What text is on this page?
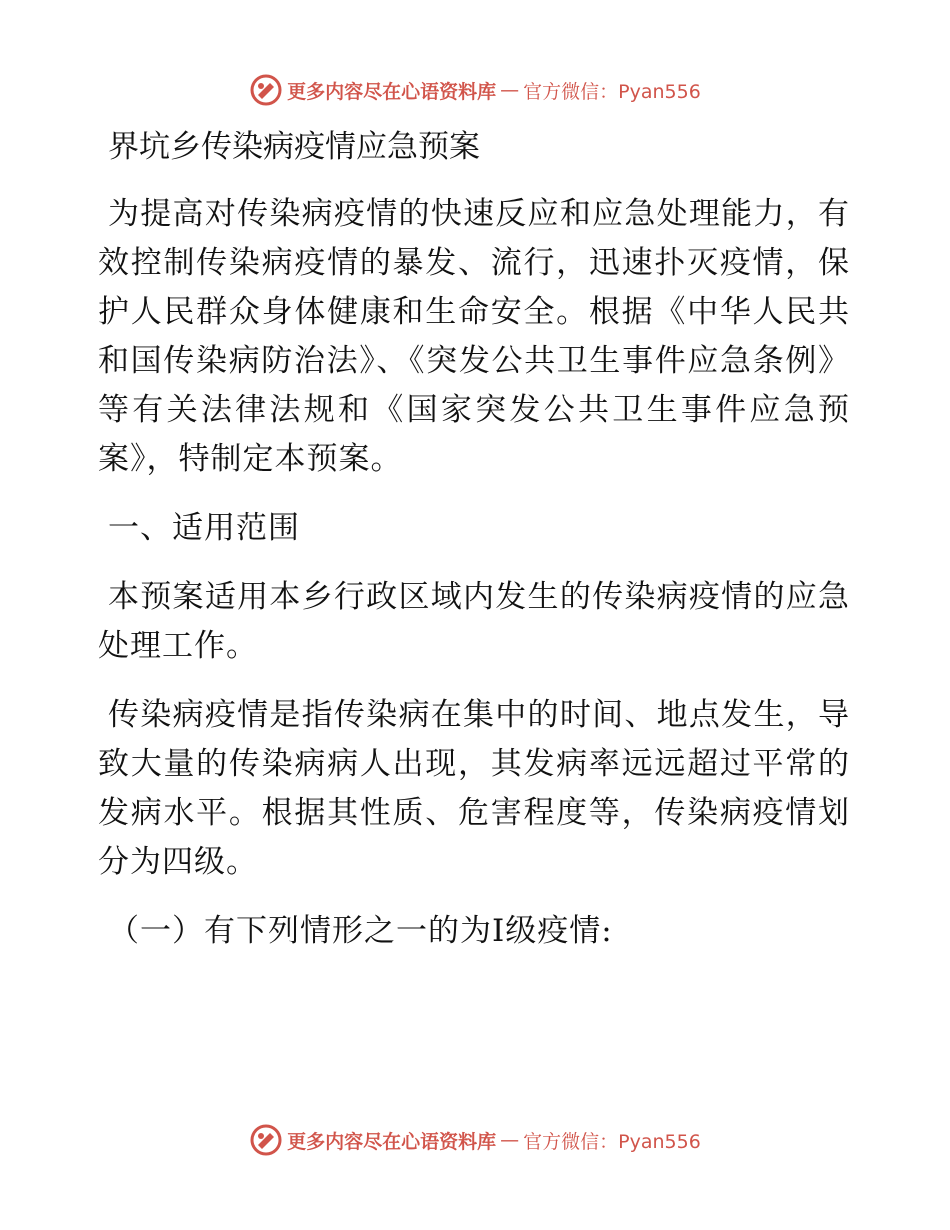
更多内容尽在心语资料库 — 官方微信：Pyan556
界坑乡传染病疫情应急预案

为提高对传染病疫情的快速反应和应急处理能力，有效控制传染病疫情的暴发、流行，迅速扑灭疫情，保护人民群众身体健康和生命安全。根据《中华人民共和国传染病防治法》、《突发公共卫生事件应急条例》等有关法律法规和《国家突发公共卫生事件应急预案》，特制定本预案。

一、适用范围

本预案适用本乡行政区域内发生的传染病疫情的应急处理工作。

传染病疫情是指传染病在集中的时间、地点发生，导致大量的传染病病人出现，其发病率远远超过平常的发病水平。根据其性质、危害程度等，传染病疫情划分为四级。

（一）有下列情形之一的为Ⅰ级疫情:

更多内容尽在心语资料库 — 官方微信：Pyan556
